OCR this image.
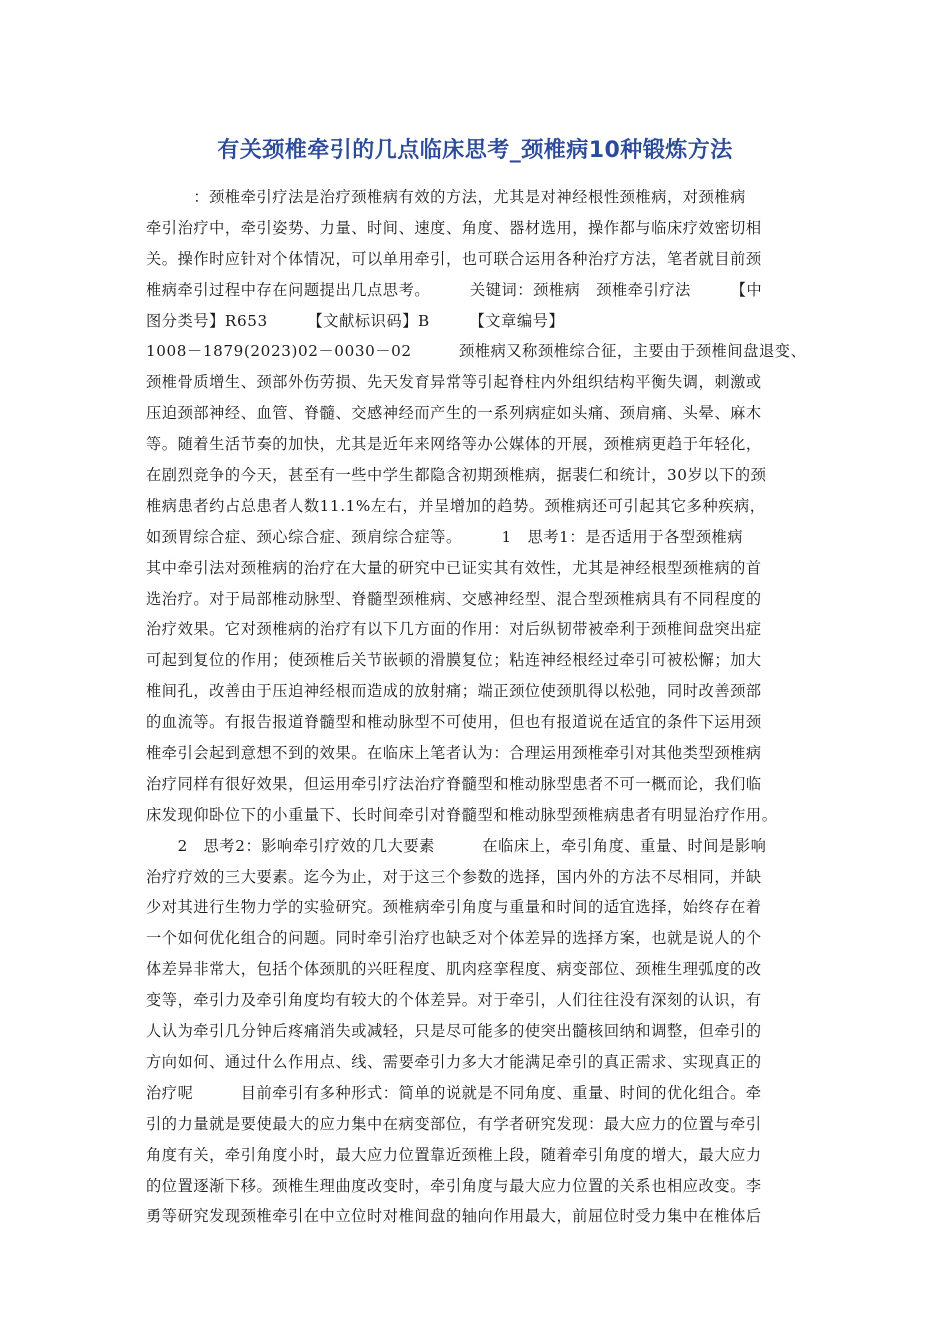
有关颈椎牵引的几点临床思考_颈椎病10种锻炼方法
　　　：颈椎牵引疗法是治疗颈椎病有效的方法，尤其是对神经根性颈椎病，对颈椎病
牵引治疗中，牵引姿势、力量、时间、速度、角度、器材选用，操作都与临床疗效密切相
关。操作时应针对个体情况，可以单用牵引，也可联合运用各种治疗方法，笔者就目前颈
椎病牵引过程中存在问题提出几点思考。　　　关键词：颈椎病　颈椎牵引疗法　　　【中
图分类号】R653　　　【文献标识码】B　　　【文章编号】
1008－1879(2023)02－0030－02　　　颈椎病又称颈椎综合征，主要由于颈椎间盘退变、
颈椎骨质增生、颈部外伤劳损、先天发育异常等引起脊柱内外组织结构平衡失调，刺激或
压迫颈部神经、血管、脊髓、交感神经而产生的一系列病症如头痛、颈肩痛、头晕、麻木
等。随着生活节奏的加快，尤其是近年来网络等办公媒体的开展，颈椎病更趋于年轻化，
在剧烈竞争的今天，甚至有一些中学生都隐含初期颈椎病，据裴仁和统计，30岁以下的颈
椎病患者约占总患者人数11.1%左右，并呈增加的趋势。颈椎病还可引起其它多种疾病，
如颈胃综合症、颈心综合症、颈肩综合症等。　　　1　思考1：是否适用于各型颈椎病
其中牵引法对颈椎病的治疗在大量的研究中已证实其有效性，尤其是神经根型颈椎病的首
选治疗。对于局部椎动脉型、脊髓型颈椎病、交感神经型、混合型颈椎病具有不同程度的
治疗效果。它对颈椎病的治疗有以下几方面的作用：对后纵韧带被牵利于颈椎间盘突出症
可起到复位的作用；使颈椎后关节嵌顿的滑膜复位；粘连神经根经过牵引可被松懈；加大
椎间孔，改善由于压迫神经根而造成的放射痛；端正颈位使颈肌得以松弛，同时改善颈部
的血流等。有报告报道脊髓型和椎动脉型不可使用，但也有报道说在适宜的条件下运用颈
椎牵引会起到意想不到的效果。在临床上笔者认为：合理运用颈椎牵引对其他类型颈椎病
治疗同样有很好效果，但运用牵引疗法治疗脊髓型和椎动脉型患者不可一概而论，我们临
床发现仰卧位下的小重量下、长时间牵引对脊髓型和椎动脉型颈椎病患者有明显治疗作用。
　　2　思考2：影响牵引疗效的几大要素　　　在临床上，牵引角度、重量、时间是影响
治疗疗效的三大要素。迄今为止，对于这三个参数的选择，国内外的方法不尽相同，并缺
少对其进行生物力学的实验研究。颈椎病牵引角度与重量和时间的适宜选择，始终存在着
一个如何优化组合的问题。同时牵引治疗也缺乏对个体差异的选择方案，也就是说人的个
体差异非常大，包括个体颈肌的兴旺程度、肌肉痉挛程度、病变部位、颈椎生理弧度的改
变等，牵引力及牵引角度均有较大的个体差异。对于牵引，人们往往没有深刻的认识，有
人认为牵引几分钟后疼痛消失或减轻，只是尽可能多的使突出髓核回纳和调整，但牵引的
方向如何、通过什么作用点、线、需要牵引力多大才能满足牵引的真正需求、实现真正的
治疗呢　　　目前牵引有多种形式：简单的说就是不同角度、重量、时间的优化组合。牵
引的力量就是要使最大的应力集中在病变部位，有学者研究发现：最大应力的位置与牵引
角度有关，牵引角度小时，最大应力位置靠近颈椎上段，随着牵引角度的增大，最大应力
的位置逐渐下移。颈椎生理曲度改变时，牵引角度与最大应力位置的关系也相应改变。李
勇等研究发现颈椎牵引在中立位时对椎间盘的轴向作用最大，前屈位时受力集中在椎体后
